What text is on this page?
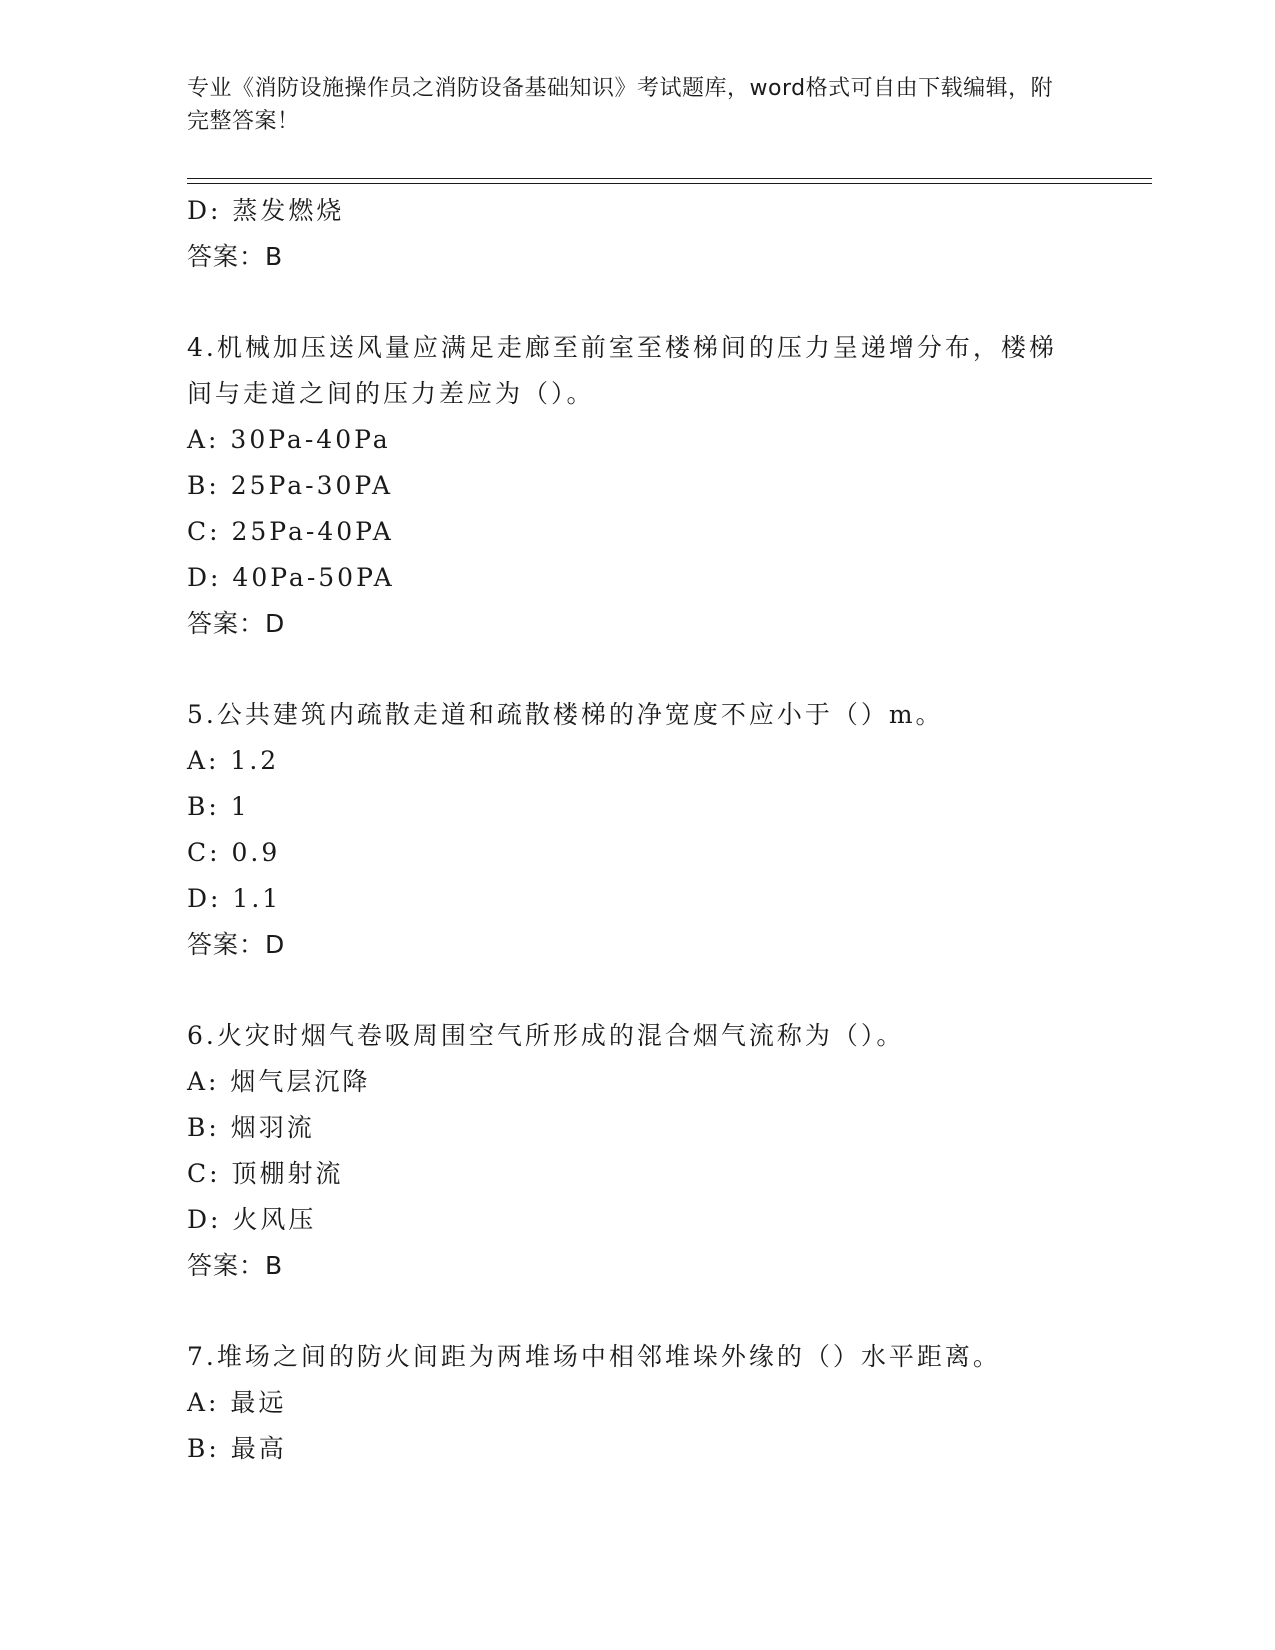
专业《消防设施操作员之消防设备基础知识》考试题库，word格式可自由下载编辑，附完整答案！
D: 蒸发燃烧
答案：B
4.机械加压送风量应满足走廊至前室至楼梯间的压力呈递增分布，楼梯间与走道之间的压力差应为（）。
A: 30Pa-40Pa
B: 25Pa-30PA
C: 25Pa-40PA
D: 40Pa-50PA
答案：D
5.公共建筑内疏散走道和疏散楼梯的净宽度不应小于（）m。
A: 1.2
B: 1
C: 0.9
D: 1.1
答案：D
6.火灾时烟气卷吸周围空气所形成的混合烟气流称为（）。
A: 烟气层沉降
B: 烟羽流
C: 顶棚射流
D: 火风压
答案：B
7.堆场之间的防火间距为两堆场中相邻堆垛外缘的（）水平距离。
A: 最远
B: 最高
